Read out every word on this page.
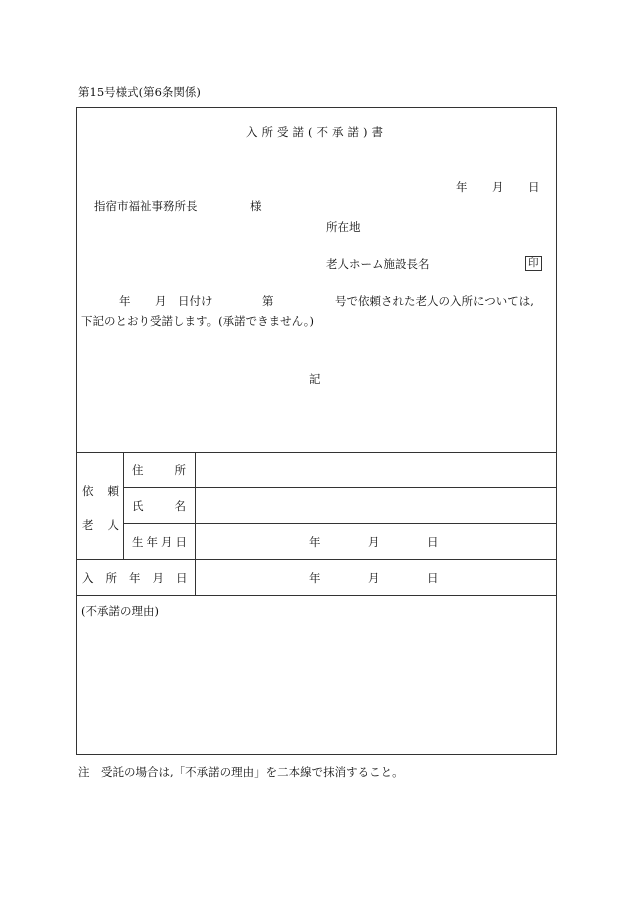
第15号様式(第6条関係)
入所受諾(不承諾)書
年 月 日
指宿市福祉事務所長	様
所在地
老人ホーム施設長名	印
年 月 日付け	第	号で依頼された老人の入所については,
下記のとおり受諾します。(承諾できません。)
記
依頼
老人
住所
氏名
生年月日	年	月	日
入所年月日	年	月	日
(不承諾の理由)
注　受託の場合は,「不承諾の理由」を二本線で抹消すること。
